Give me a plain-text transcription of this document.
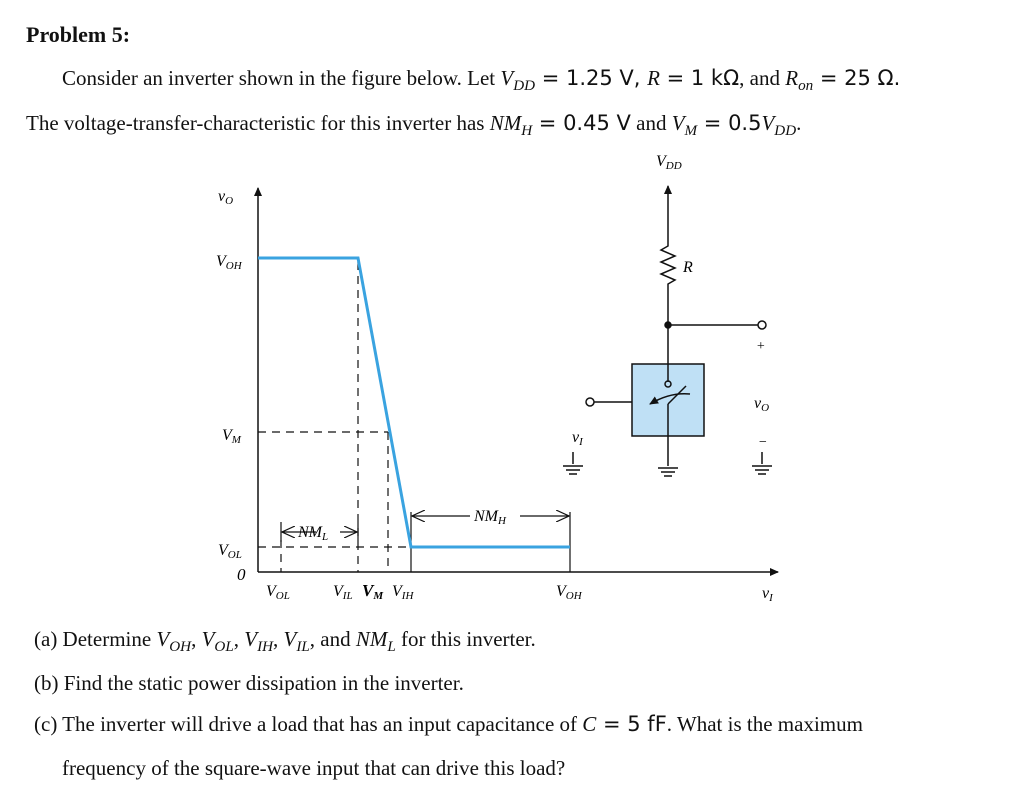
Problem 5:
Consider an inverter shown in the figure below. Let $V_{DD} = 1.25$ V, R = 1 kΩ, and $R_{on} = 25$ Ω.
The voltage-transfer-characteristic for this inverter has $NM_H = 0.45$ V and $V_M = 0.5V_{DD}$.
NML
NMH
vO
VOH
VM
VOL
0
VOL	VIL VM VIH	VOH	vI
VDD
R
+
vO
−
vI
(a) Determine $V_{OH}$, $V_{OL}$, $V_{IH}$, $V_{IL}$, and $NM_L$ for this inverter.
(b) Find the static power dissipation in the inverter.
(c) The inverter will drive a load that has an input capacitance of C = 5 fF. What is the maximum
frequency of the square-wave input that can drive this load?
